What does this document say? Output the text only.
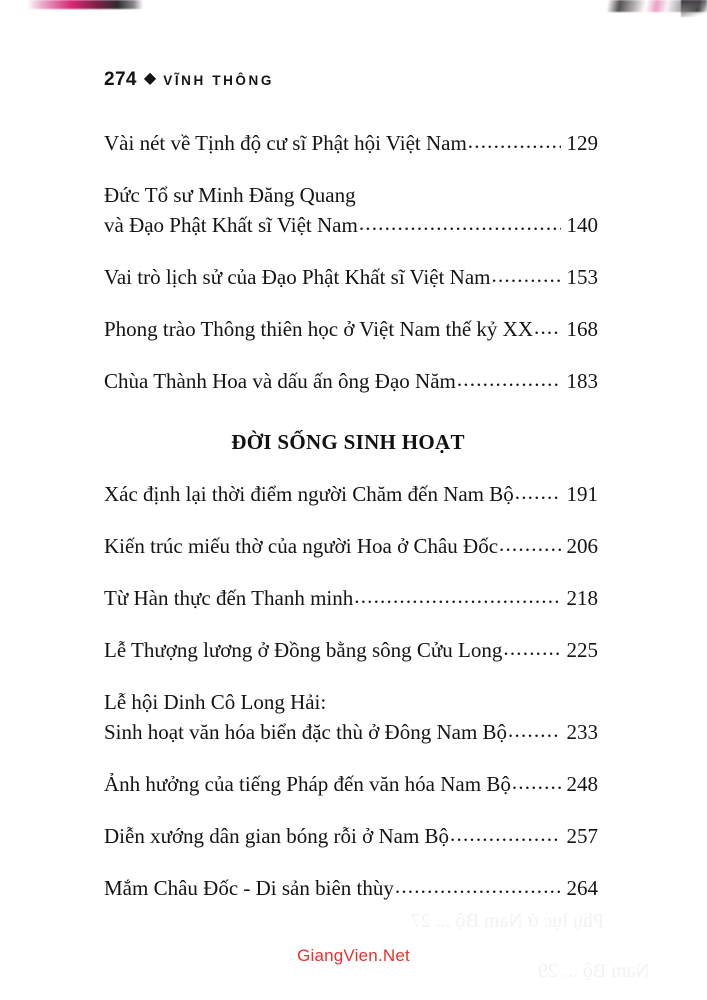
274 ◆ VĨNH THÔNG
Vài nét về Tịnh độ cư sĩ Phật hội Việt Nam .....	129
Đức Tổ sư Minh Đăng Quang
và Đạo Phật Khất sĩ Việt Nam .....	140
Vai trò lịch sử của Đạo Phật Khất sĩ Việt Nam .....	153
Phong trào Thông thiên học ở Việt Nam thế kỷ XX ..... 168
Chùa Thành Hoa và dấu ấn ông Đạo Năm .....	183
ĐỜI SỐNG SINH HOẠT
Xác định lại thời điểm người Chăm đến Nam Bộ .....	191
Kiến trúc miếu thờ của người Hoa ở Châu Đốc .....	206
Từ Hàn thực đến Thanh minh .....	218
Lễ Thượng lương ở Đồng bằng sông Cửu Long .....	225
Lễ hội Dinh Cô Long Hải:
Sinh hoạt văn hóa biển đặc thù ở Đông Nam Bộ .....	233
Ảnh hưởng của tiếng Pháp đến văn hóa Nam Bộ .....	248
Diễn xướng dân gian bóng rỗi ở Nam Bộ .....	257
Mắm Châu Đốc - Di sản biên thùy .....	264
Phụ lục ở Nam Bộ ... 27
Nam Bộ ... 29
GiangVien.Net
